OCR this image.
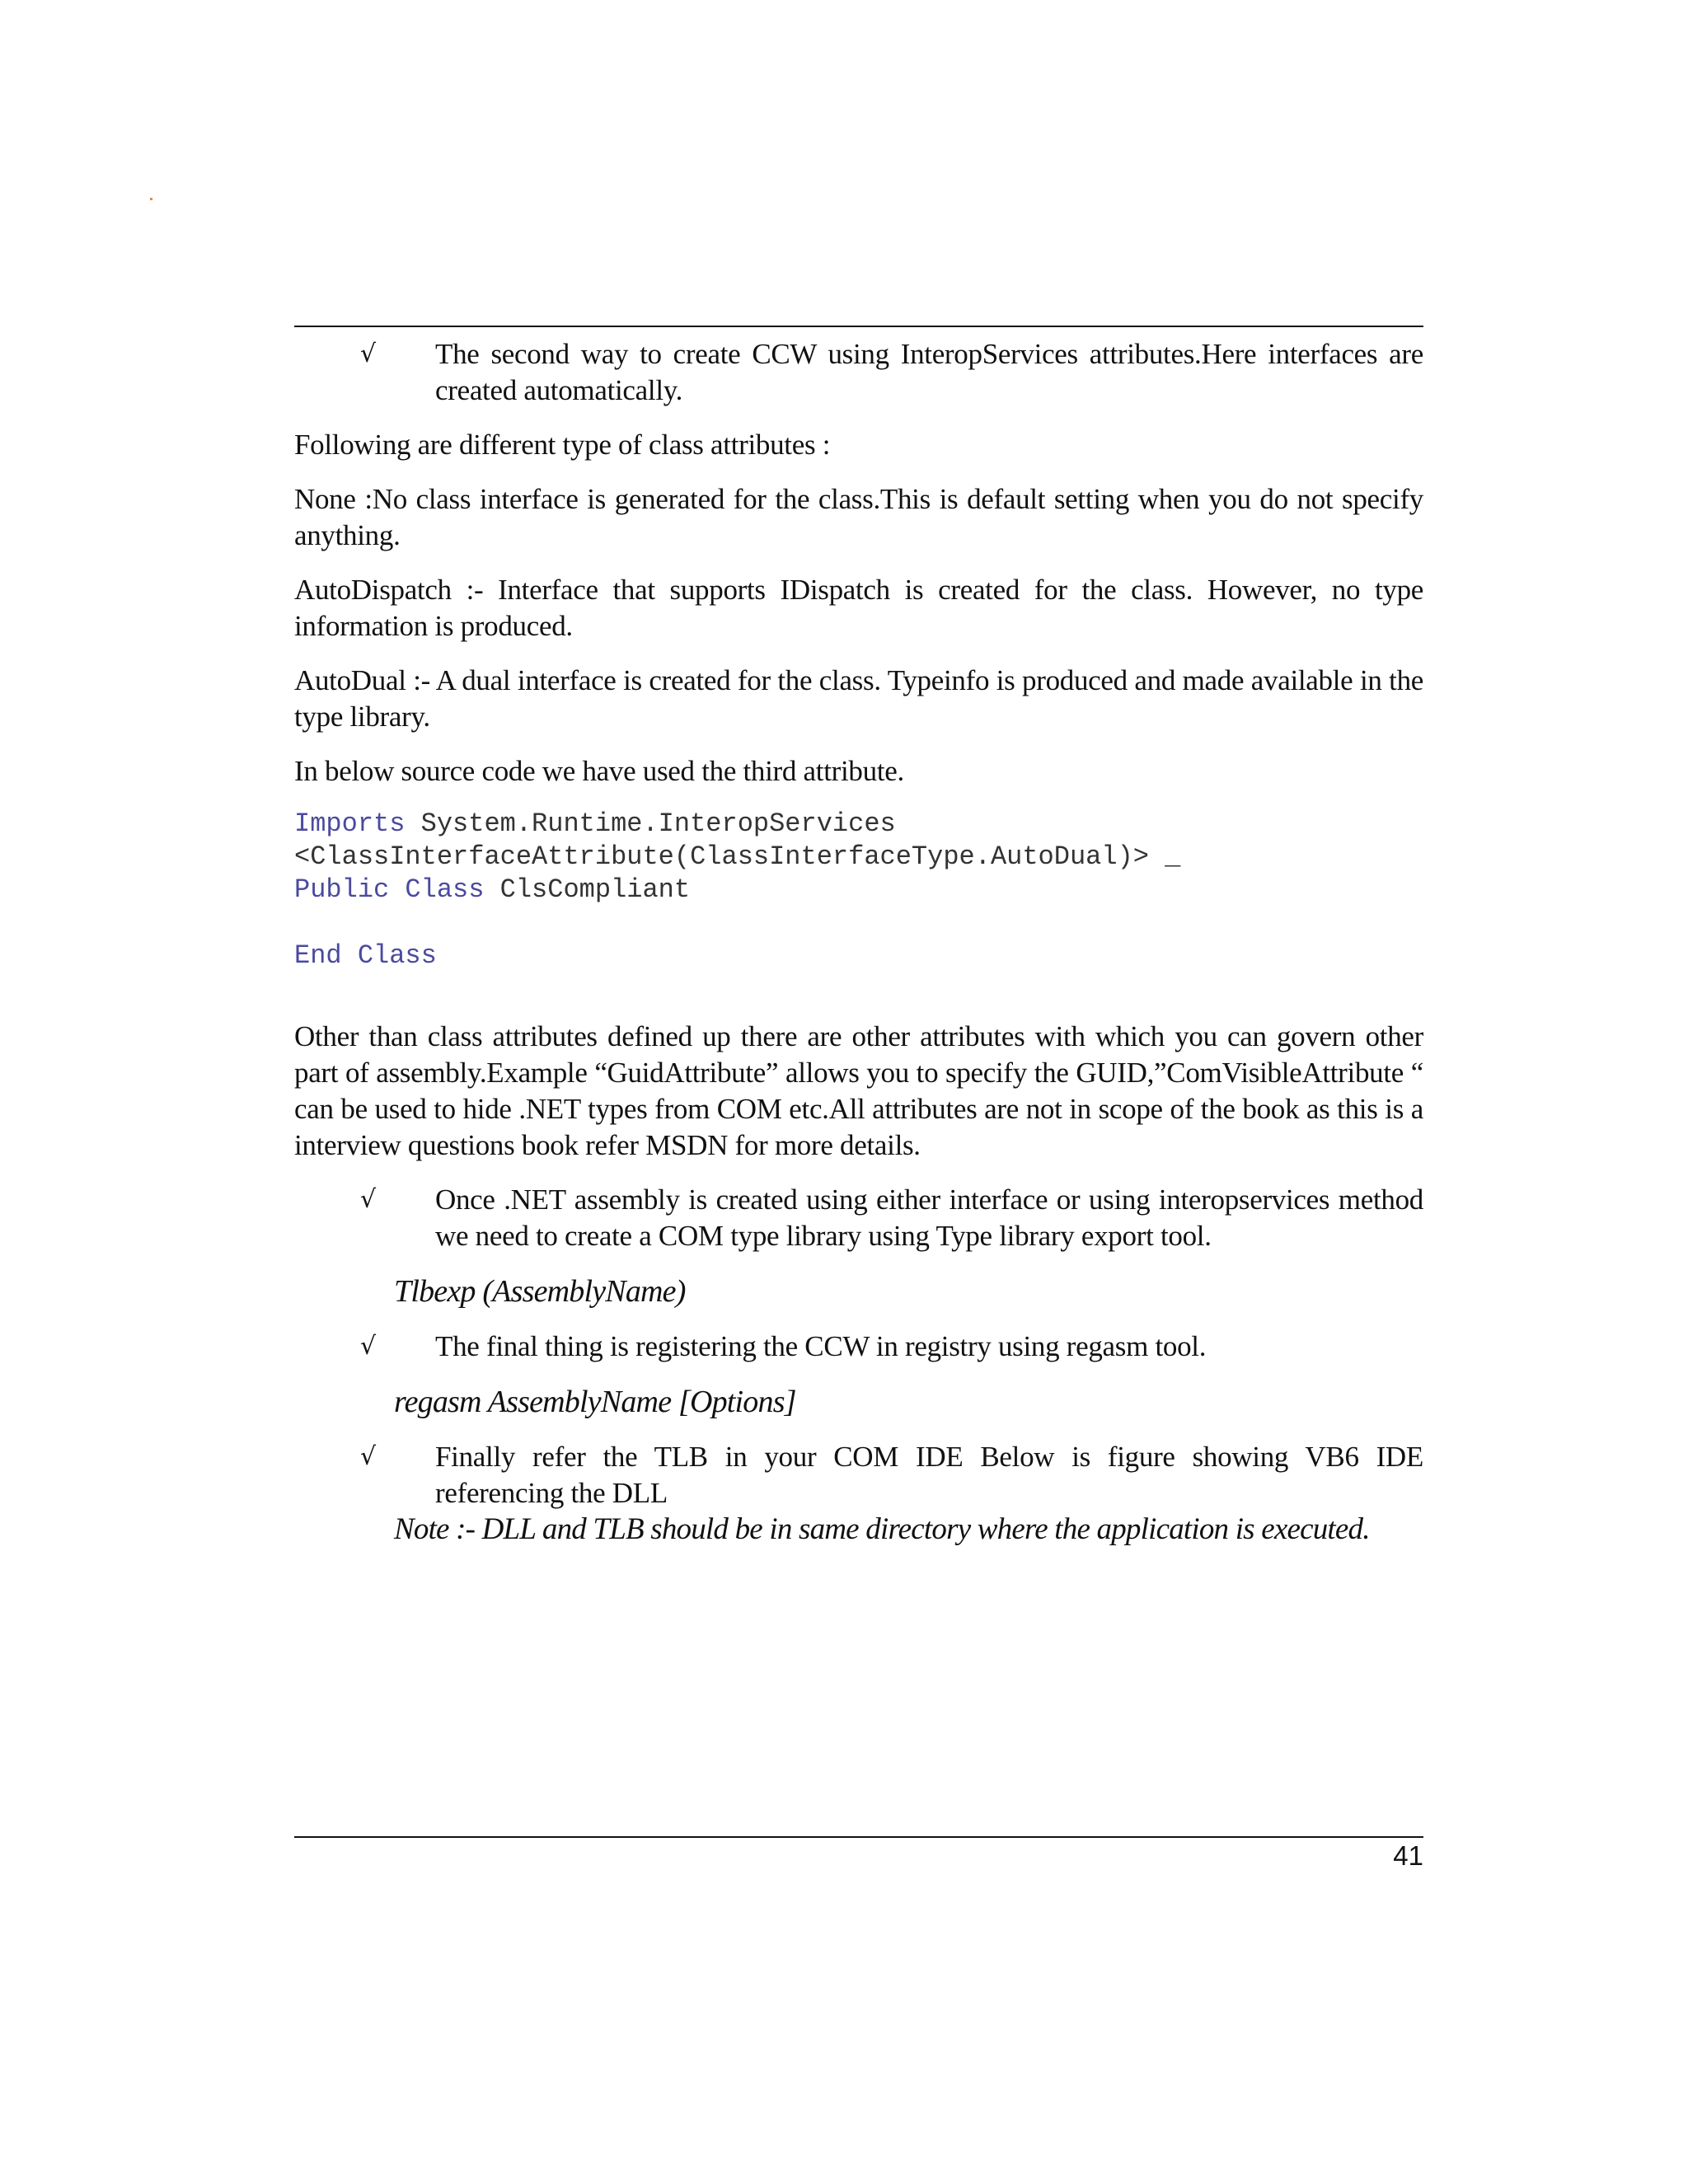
√ The second way to create CCW using InteropServices attributes.Here interfaces are created automatically.

Following are different type of class attributes :

None :No class interface is generated for the class.This is default setting when you do not specify anything.

AutoDispatch :- Interface that supports IDispatch is created for the class. However, no type information is produced.

AutoDual :- A dual interface is created for the class. Typeinfo is produced and made available in the type library.

In below source code we have used the third attribute.

Imports System.Runtime.InteropServices
<ClassInterfaceAttribute(ClassInterfaceType.AutoDual)> _
Public Class ClsCompliant

End Class

Other than class attributes defined up there are other attributes with which you can govern other part of assembly.Example “GuidAttribute” allows you to specify the GUID,”ComVisibleAttribute “ can be used to hide .NET types from COM etc.All attributes are not in scope of the book as this is a interview questions book refer MSDN for more details.

√ Once .NET assembly is created using either interface or using interopservices method we need to create a COM type library using Type library export tool.
Tlbexp (AssemblyName)
√ The final thing is registering the CCW in registry using regasm tool.
regasm AssemblyName [Options]
√ Finally refer the TLB in your COM IDE Below is figure showing VB6 IDE referencing the DLL
Note :- DLL and TLB should be in same directory where the application is executed.
41
